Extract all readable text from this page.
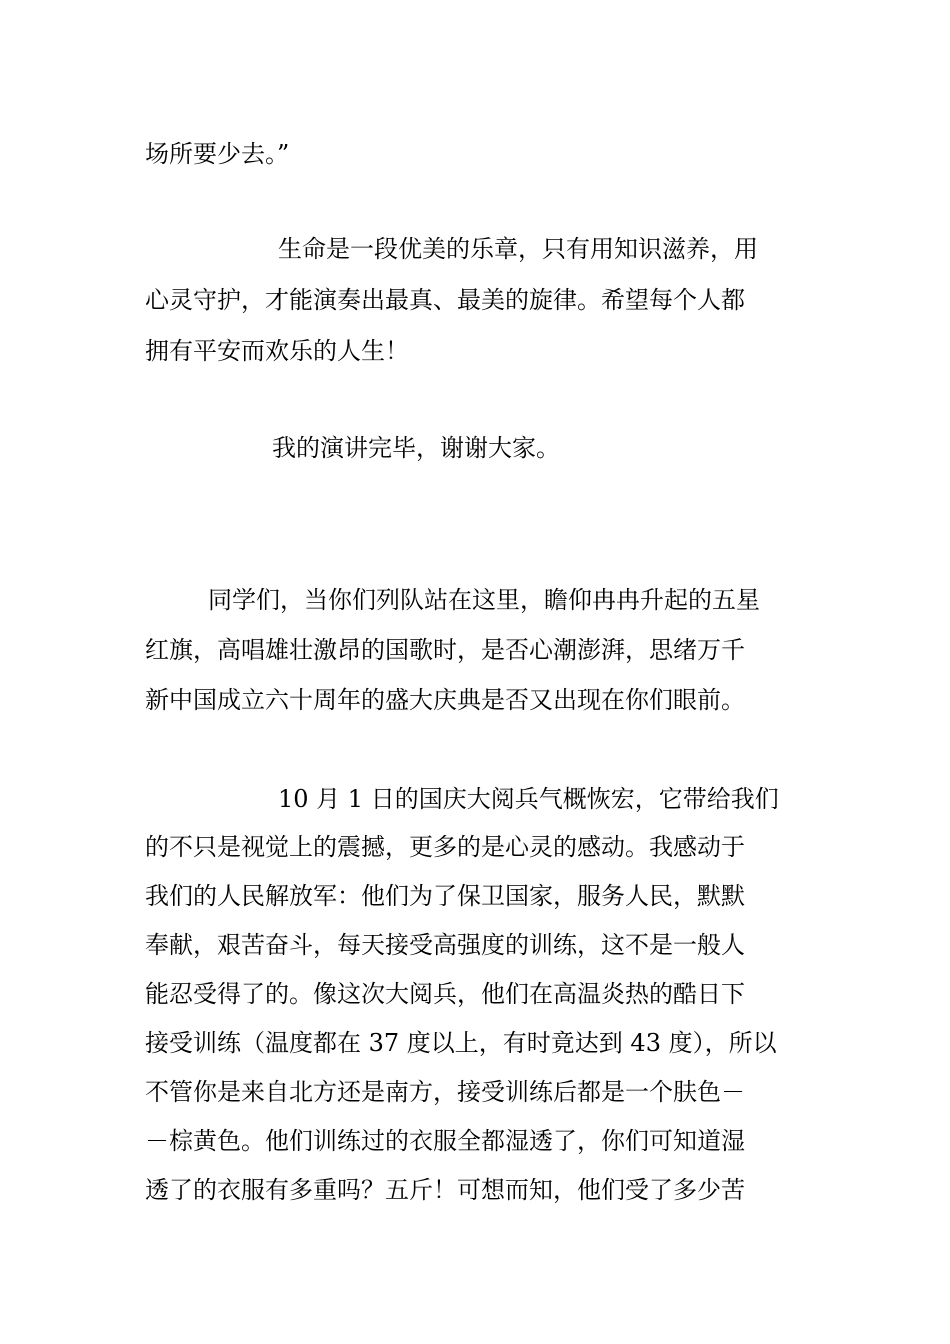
场所要少去。”
生命是一段优美的乐章，只有用知识滋养，用
心灵守护，才能演奏出最真、最美的旋律。希望每个人都
拥有平安而欢乐的人生！
我的演讲完毕，谢谢大家。
同学们，当你们列队站在这里，瞻仰冉冉升起的五星
红旗，高唱雄壮激昂的国歌时，是否心潮澎湃，思绪万千
新中国成立六十周年的盛大庆典是否又出现在你们眼前。
10 月 1 日的国庆大阅兵气概恢宏，它带给我们
的不只是视觉上的震撼，更多的是心灵的感动。我感动于
我们的人民解放军：他们为了保卫国家，服务人民，默默
奉献，艰苦奋斗，每天接受高强度的训练，这不是一般人
能忍受得了的。像这次大阅兵，他们在高温炎热的酷日下
接受训练（温度都在 37 度以上，有时竟达到 43 度），所以
不管你是来自北方还是南方，接受训练后都是一个肤色－
－棕黄色。他们训练过的衣服全都湿透了，你们可知道湿
透了的衣服有多重吗？五斤！可想而知，他们受了多少苦
